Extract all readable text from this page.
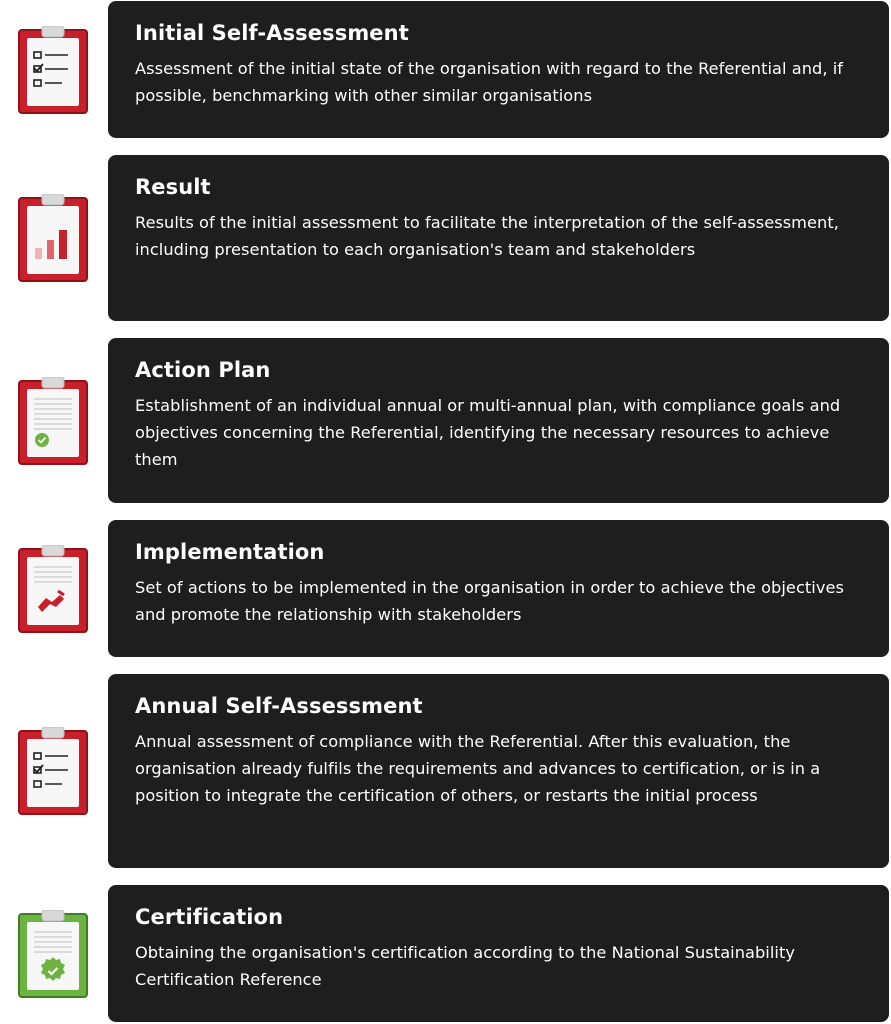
Initial Self-Assessment

Assessment of the initial state of the organisation with regard to the Referential and, if possible, benchmarking with other similar organisations

Result

Results of the initial assessment to facilitate the interpretation of the self-assessment, including presentation to each organisation's team and stakeholders

Action Plan

Establishment of an individual annual or multi-annual plan, with compliance goals and objectives concerning the Referential, identifying the necessary resources to achieve them

Implementation

Set of actions to be implemented in the organisation in order to achieve the objectives and promote the relationship with stakeholders

Annual Self-Assessment

Annual assessment of compliance with the Referential. After this evaluation, the organisation already fulfils the requirements and advances to certification, or is in a position to integrate the certification of others, or restarts the initial process

Certification

Obtaining the organisation's certification according to the National Sustainability Certification Reference
